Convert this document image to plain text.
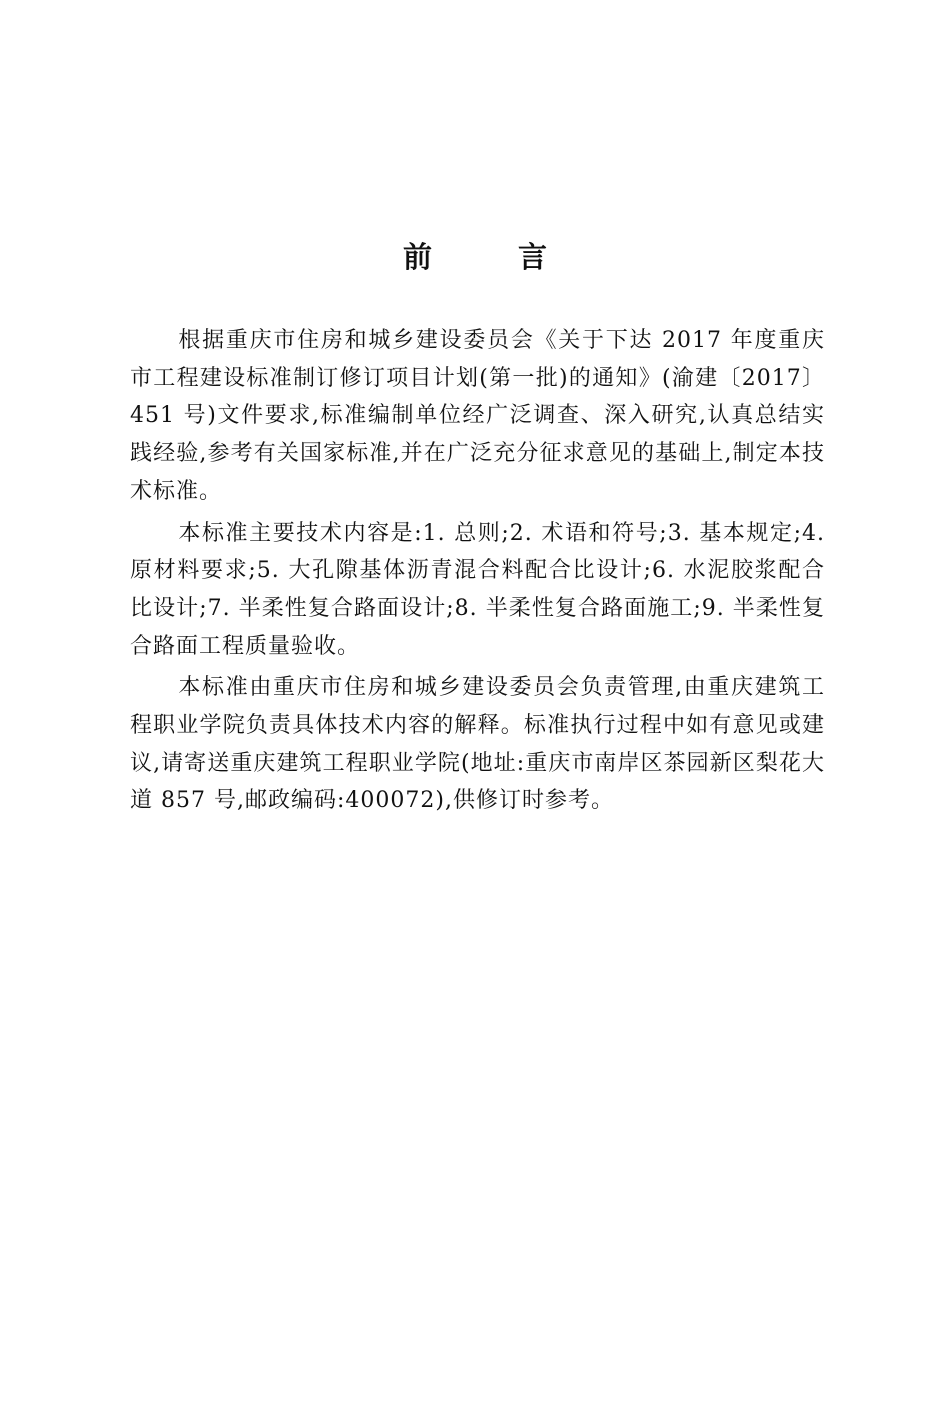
前 言

根据重庆市住房和城乡建设委员会《关于下达 2017 年度重庆市工程建设标准制订修订项目计划(第一批)的通知》(渝建〔2017〕451 号)文件要求,标准编制单位经广泛调查、深入研究,认真总结实践经验,参考有关国家标准,并在广泛充分征求意见的基础上,制定本技术标准。

本标准主要技术内容是:1. 总则;2. 术语和符号;3. 基本规定;4. 原材料要求;5. 大孔隙基体沥青混合料配合比设计;6. 水泥胶浆配合比设计;7. 半柔性复合路面设计;8. 半柔性复合路面施工;9. 半柔性复合路面工程质量验收。

本标准由重庆市住房和城乡建设委员会负责管理,由重庆建筑工程职业学院负责具体技术内容的解释。标准执行过程中如有意见或建议,请寄送重庆建筑工程职业学院(地址:重庆市南岸区茶园新区梨花大道 857 号,邮政编码:400072),供修订时参考。
